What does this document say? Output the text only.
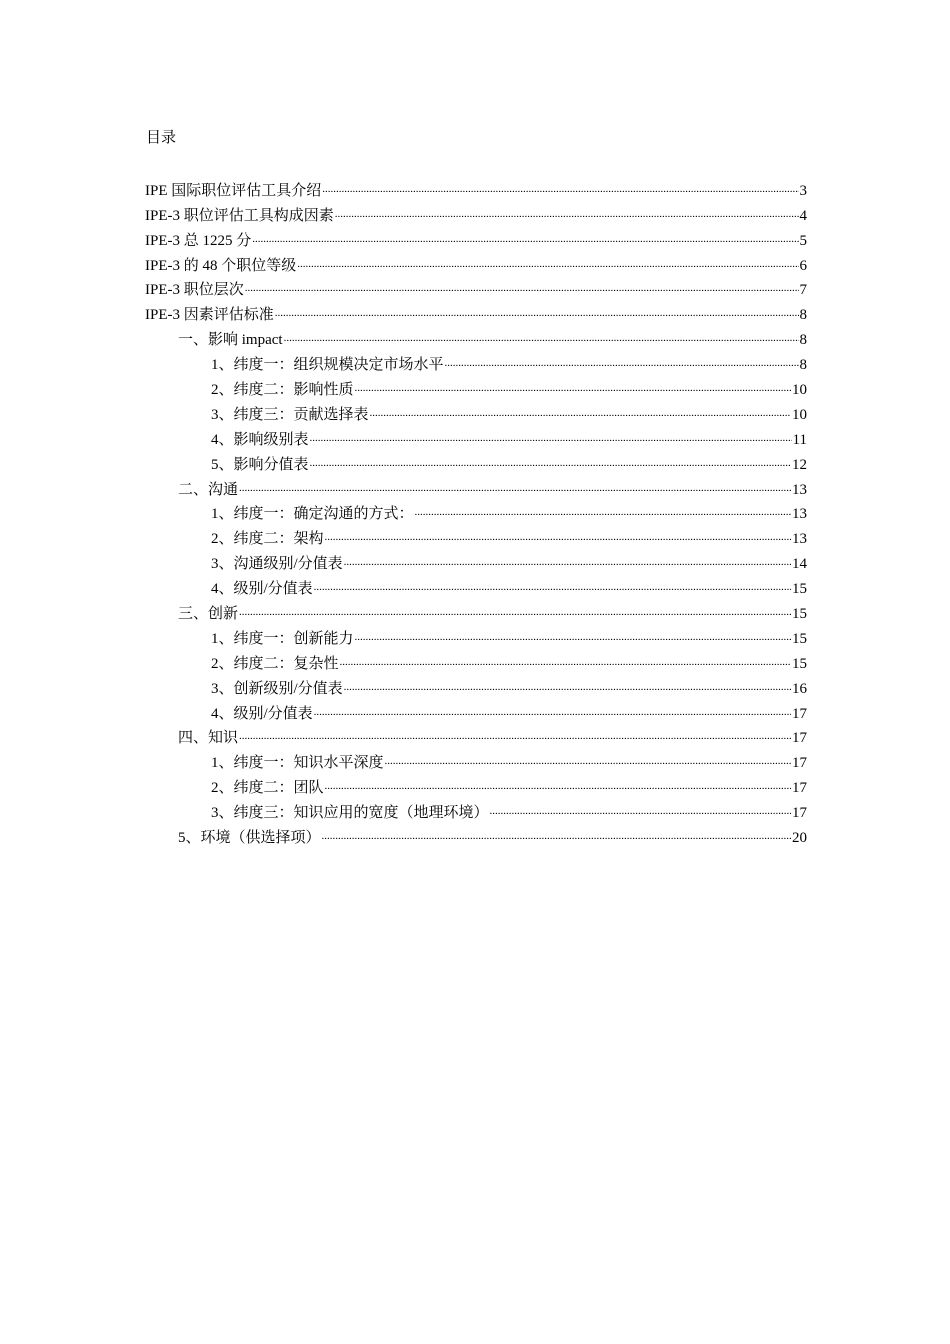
目录
IPE 国际职位评估工具介绍 .....	3
IPE-3 职位评估工具构成因素 .....	4
IPE-3 总 1225 分 .....	5
IPE-3 的 48 个职位等级 .....	6
IPE-3 职位层次 .....	7
IPE-3 因素评估标准 .....	8
一、影响 impact .....	8
1、纬度一：组织规模决定市场水平 .....	8
2、纬度二：影响性质 .....	10
3、纬度三：贡献选择表 .....	10
4、影响级别表 .....	11
5、影响分值表 .....	12
二、沟通 .....	13
1、纬度一：确定沟通的方式： .....	13
2、纬度二：架构 .....	13
3、沟通级别/分值表 .....	14
4、级别/分值表 .....	15
三、创新 .....	15
1、纬度一：创新能力 .....	15
2、纬度二：复杂性 .....	15
3、创新级别/分值表 .....	16
4、级别/分值表 .....	17
四、知识 .....	17
1、纬度一：知识水平深度 .....	17
2、纬度二：团队 .....	17
3、纬度三：知识应用的宽度（地理环境） .....	17
5、环境（供选择项） .....	20
